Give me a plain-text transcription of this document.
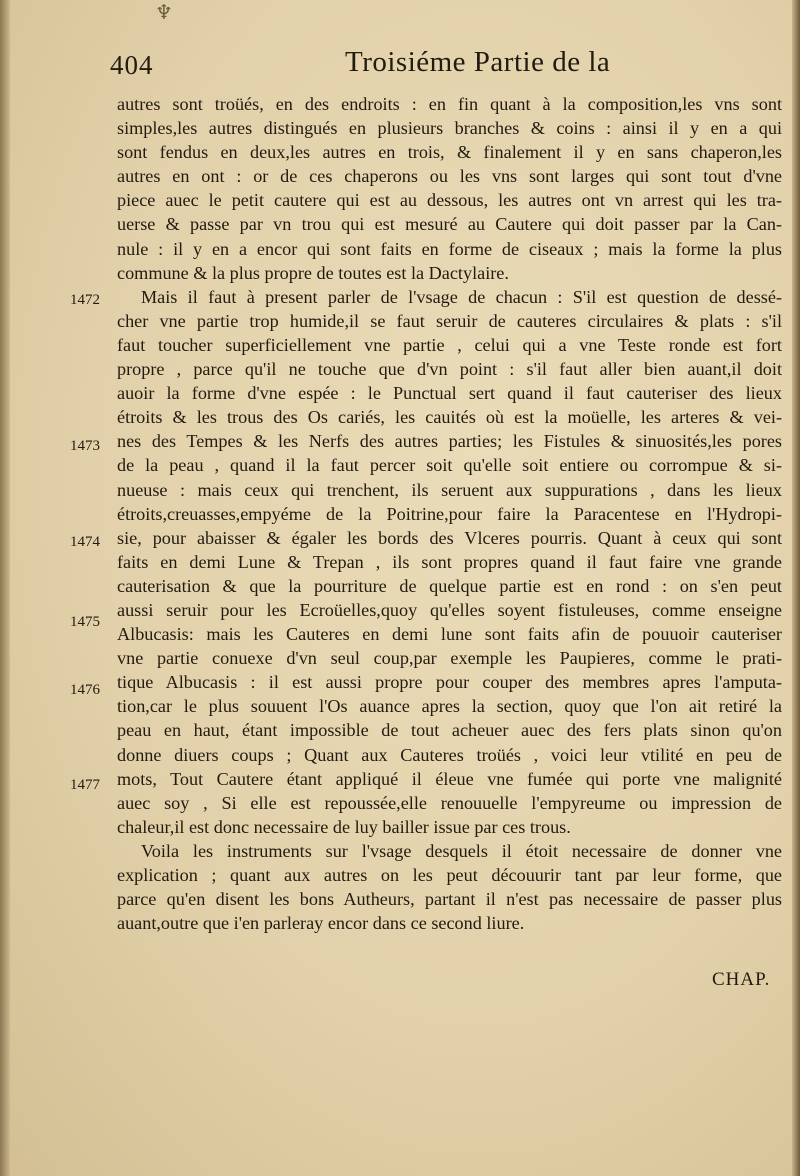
♆
404	Troisiéme Partie de la
1472
1473
1474
1475
1476
1477
autres sont troüés, en des endroits : en fin quant à la composition,les vns sont
simples,les autres distingués en plusieurs branches & coins : ainsi il y en a qui
sont fendus en deux,les autres en trois, & finalement il y en sans chaperon,les
autres en ont : or de ces chaperons ou les vns sont larges qui sont tout d'vne
piece auec le petit cautere qui est au dessous, les autres ont vn arrest qui les tra-
uerse & passe par vn trou qui est mesuré au Cautere qui doit passer par la Can-
nule : il y en a encor qui sont faits en forme de ciseaux ; mais la forme la plus
commune & la plus propre de toutes est la Dactylaire.
Mais il faut à present parler de l'vsage de chacun : S'il est question de dessé-
cher vne partie trop humide,il se faut seruir de cauteres circulaires & plats : s'il
faut toucher superficiellement vne partie , celui qui a vne Teste ronde est fort
propre , parce qu'il ne touche que d'vn point : s'il faut aller bien auant,il doit
auoir la forme d'vne espée : le Punctual sert quand il faut cauteriser des lieux
étroits & les trous des Os cariés, les cauités où est la moüelle, les arteres & vei-
nes des Tempes & les Nerfs des autres parties; les Fistules & sinuosités,les pores
de la peau , quand il la faut percer soit qu'elle soit entiere ou corrompue & si-
nueuse : mais ceux qui trenchent, ils seruent aux suppurations , dans les lieux
étroits,creuasses,empyéme de la Poitrine,pour faire la Paracentese en l'Hydropi-
sie, pour abaisser & égaler les bords des Vlceres pourris. Quant à ceux qui sont
faits en demi Lune & Trepan , ils sont propres quand il faut faire vne grande
cauterisation & que la pourriture de quelque partie est en rond : on s'en peut
aussi seruir pour les Ecroüelles,quoy qu'elles soyent fistuleuses, comme enseigne
Albucasis: mais les Cauteres en demi lune sont faits afin de pouuoir cauteriser
vne partie conuexe d'vn seul coup,par exemple les Paupieres, comme le prati-
tique Albucasis : il est aussi propre pour couper des membres apres l'amputa-
tion,car le plus souuent l'Os auance apres la section, quoy que l'on ait retiré la
peau en haut, étant impossible de tout acheuer auec des fers plats sinon qu'on
donne diuers coups ; Quant aux Cauteres troüés , voici leur vtilité en peu de
mots, Tout Cautere étant appliqué il éleue vne fumée qui porte vne malignité
auec soy , Si elle est repoussée,elle renouuelle l'empyreume ou impression de
chaleur,il est donc necessaire de luy bailler issue par ces trous.
Voila les instruments sur l'vsage desquels il étoit necessaire de donner vne
explication ; quant aux autres on les peut découurir tant par leur forme, que
parce qu'en disent les bons Autheurs, partant il n'est pas necessaire de passer plus
auant,outre que i'en parleray encor dans ce second liure.
CHAP.
